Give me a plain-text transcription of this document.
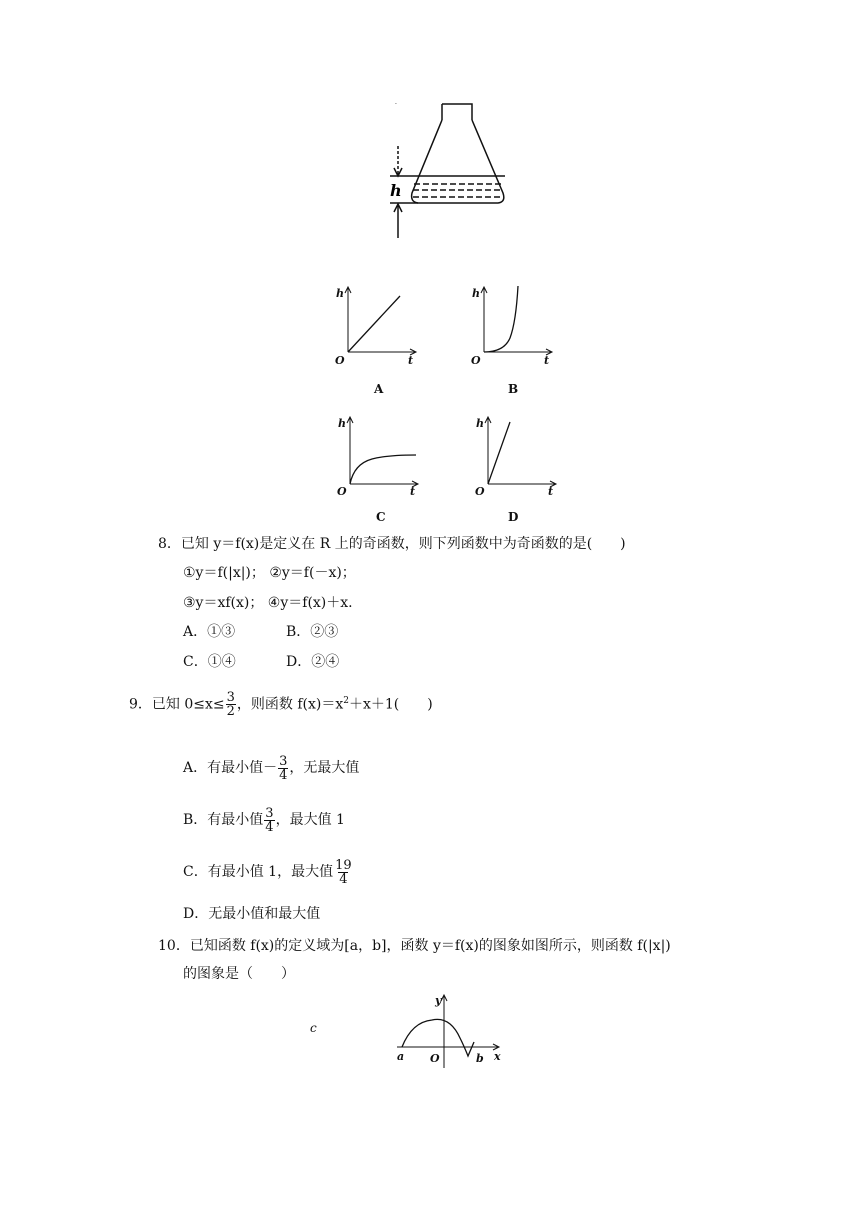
h
.
h
O	t
A
h
O	t
B
h
O	t
C
h
O	t
D
8．已知 y＝f(x)是定义在 R 上的奇函数，则下列函数中为奇函数的是(　　)
①y＝f(|x|)； ②y＝f(－x)；
③y＝xf(x)； ④y＝f(x)＋x.
A．①③	B．②③
C．①④	D．②④
9．已知 $0\le x\le \frac{3}{2}$ ，则函数 $f(x)=x^2+x+1$(　　)
A．有最小值－ $\frac{3}{4}$ ，无最大值
B．有最小值 $\frac{3}{4}$ ，最大值 1
C．有最小值 1，最大值 $\frac{19}{4}$
D．无最小值和最大值
10．已知函数 f(x)的定义域为[a，b]，函数 y＝f(x)的图象如图所示，则函数 f(|x|)
的图象是（　　）
c
y
x
a	b
O
